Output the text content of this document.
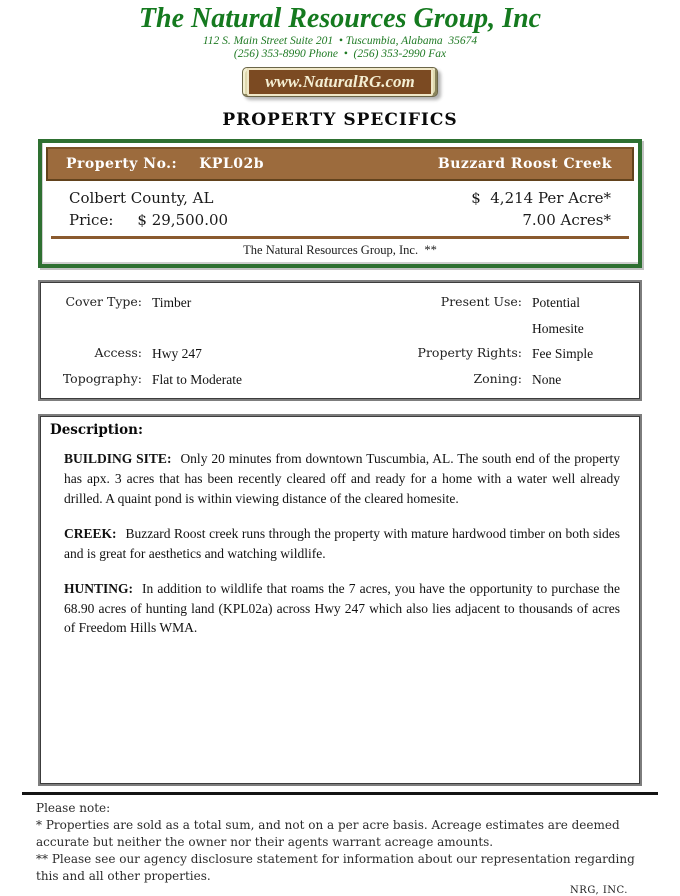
The Natural Resources Group, Inc
112 S. Main Street Suite 201  • Tuscumbia, Alabama  35674
(256) 353-8990 Phone  •  (256) 353-2990 Fax
www.NaturalRG.com
PROPERTY SPECIFICS
Property No.: KPL02b	Buzzard Roost Creek
Colbert County, AL	$  4,214 Per Acre*
Price: $ 29,500.00	7.00 Acres*
The Natural Resources Group, Inc.  **
Cover Type: Timber	Present Use: Potential Homesite
Access: Hwy 247	Property Rights: Fee Simple
Topography: Flat to Moderate	Zoning: None
Description:

BUILDING SITE: Only 20 minutes from downtown Tuscumbia, AL. The south end of the property has apx. 3 acres that has been recently cleared off and ready for a home with a water well already drilled. A quaint pond is within viewing distance of the cleared homesite.

CREEK: Buzzard Roost creek runs through the property with mature hardwood timber on both sides and is great for aesthetics and watching wildlife.

HUNTING: In addition to wildlife that roams the 7 acres, you have the opportunity to purchase the 68.90 acres of hunting land (KPL02a) across Hwy 247 which also lies adjacent to thousands of acres of Freedom Hills WMA.

Please note:
* Properties are sold as a total sum, and not on a per acre basis. Acreage estimates are deemed accurate but neither the owner nor their agents warrant acreage amounts.
** Please see our agency disclosure statement for information about our representation regarding this and all other properties.
NRG, INC.
